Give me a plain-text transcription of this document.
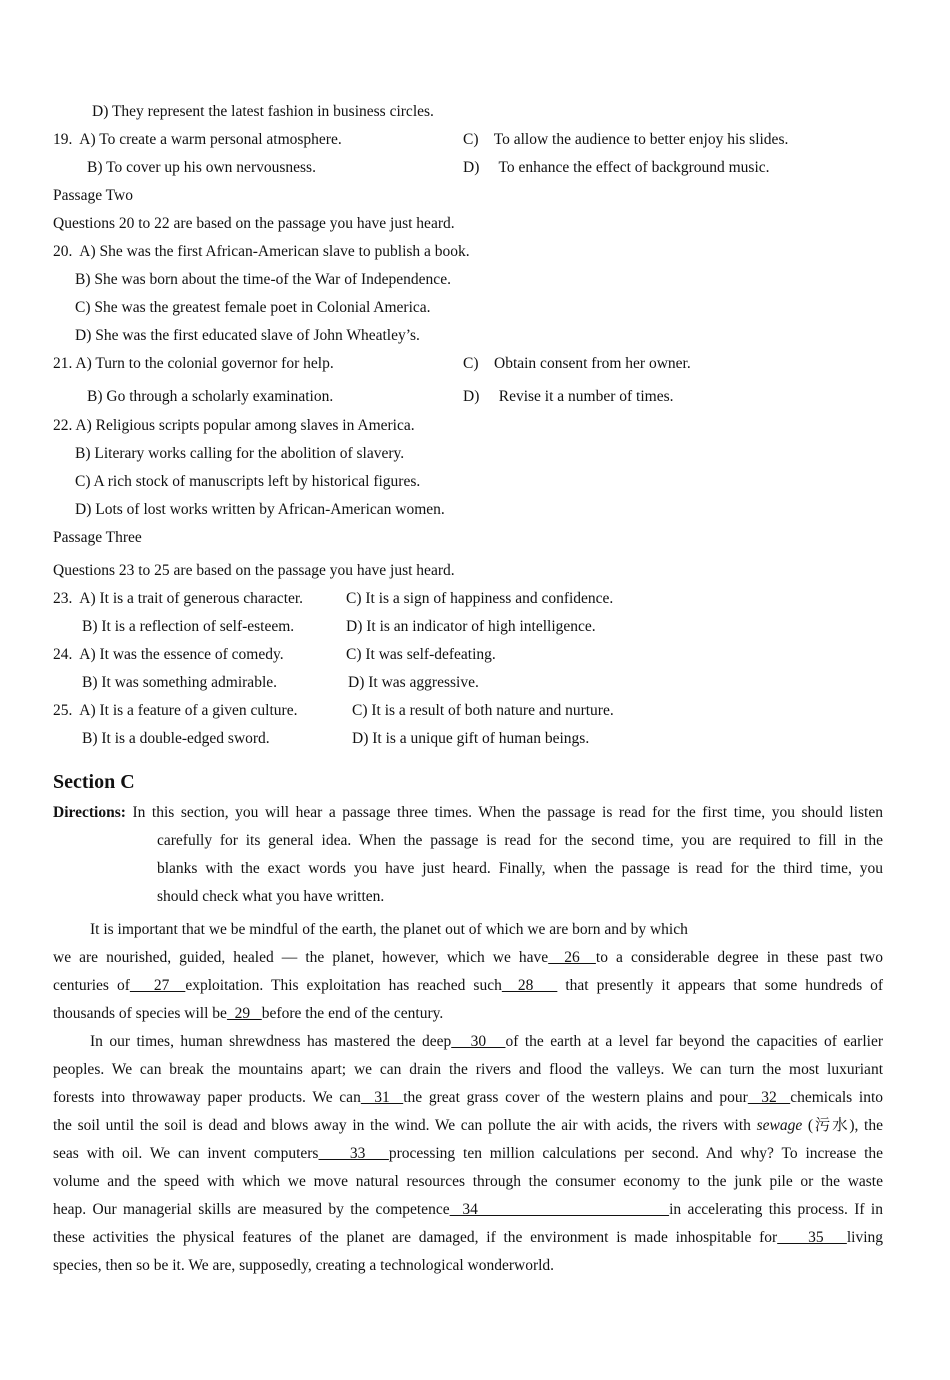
D) They represent the latest fashion in business circles.
19.  A) To create a warm personal atmosphere.	C)    To allow the audience to better enjoy his slides.
B) To cover up his own nervousness.	D)     To enhance the effect of background music.
Passage Two
Questions 20 to 22 are based on the passage you have just heard.
20.  A) She was the first African-American slave to publish a book.
B) She was born about the time-of the War of Independence.
C) She was the greatest female poet in Colonial America.
D) She was the first educated slave of John Wheatley’s.
21. A) Turn to the colonial governor for help.	C)    Obtain consent from her owner.
B) Go through a scholarly examination.	D)     Revise it a number of times.
22. A) Religious scripts popular among slaves in America.
B) Literary works calling for the abolition of slavery.
C) A rich stock of manuscripts left by historical figures.
D) Lots of lost works written by African-American women.
Passage Three
Questions 23 to 25 are based on the passage you have just heard.
23.  A) It is a trait of generous character.	C) It is a sign of happiness and confidence.
B) It is a reflection of self-esteem.	D) It is an indicator of high intelligence.
24.  A) It was the essence of comedy.	C) It was self-defeating.
B) It was something admirable.	D) It was aggressive.
25.  A) It is a feature of a given culture.	C) It is a result of both nature and nurture.
B) It is a double-edged sword.	D) It is a unique gift of human beings.
Section C
Directions: In this section, you will hear a passage three times. When the passage is read for the first time, you should listen
carefully for its general idea. When the passage is read for the second time, you are required to fill in the
blanks with the exact words you have just heard. Finally, when the passage is read for the third time, you
should check what you have written.
It is important that we be mindful of the earth, the planet out of which we are born and by which
we are nourished, guided, healed — the planet, however, which we have  26  to a considerable degree in these past two
centuries of   27  exploitation. This exploitation has reached such  28    that presently it appears that some hundreds of
thousands of species will be  29   before the end of the century.
In our times, human shrewdness has mastered the deep   30   of the earth at a level far beyond the capacities of earlier
peoples. We can break the mountains apart; we can drain the rivers and flood the valleys. We can turn the most luxuriant
forests into throwaway paper products. We can  31  the great grass cover of the western plains and pour  32  chemicals into
the soil until the soil is dead and blows away in the wind. We can pollute the air with acids, the rivers with sewage (污水), the
seas with oil. We can invent computers    33   processing ten million calculations per second. And why? To increase the
volume and the speed with which we move natural resources through the consumer economy to the junk pile or the waste
heap. Our managerial skills are measured by the competence  34                              in accelerating this process. If in
these activities the physical features of the planet are damaged, if the environment is made inhospitable for    35   living
species, then so be it. We are, supposedly, creating a technological wonderworld.
